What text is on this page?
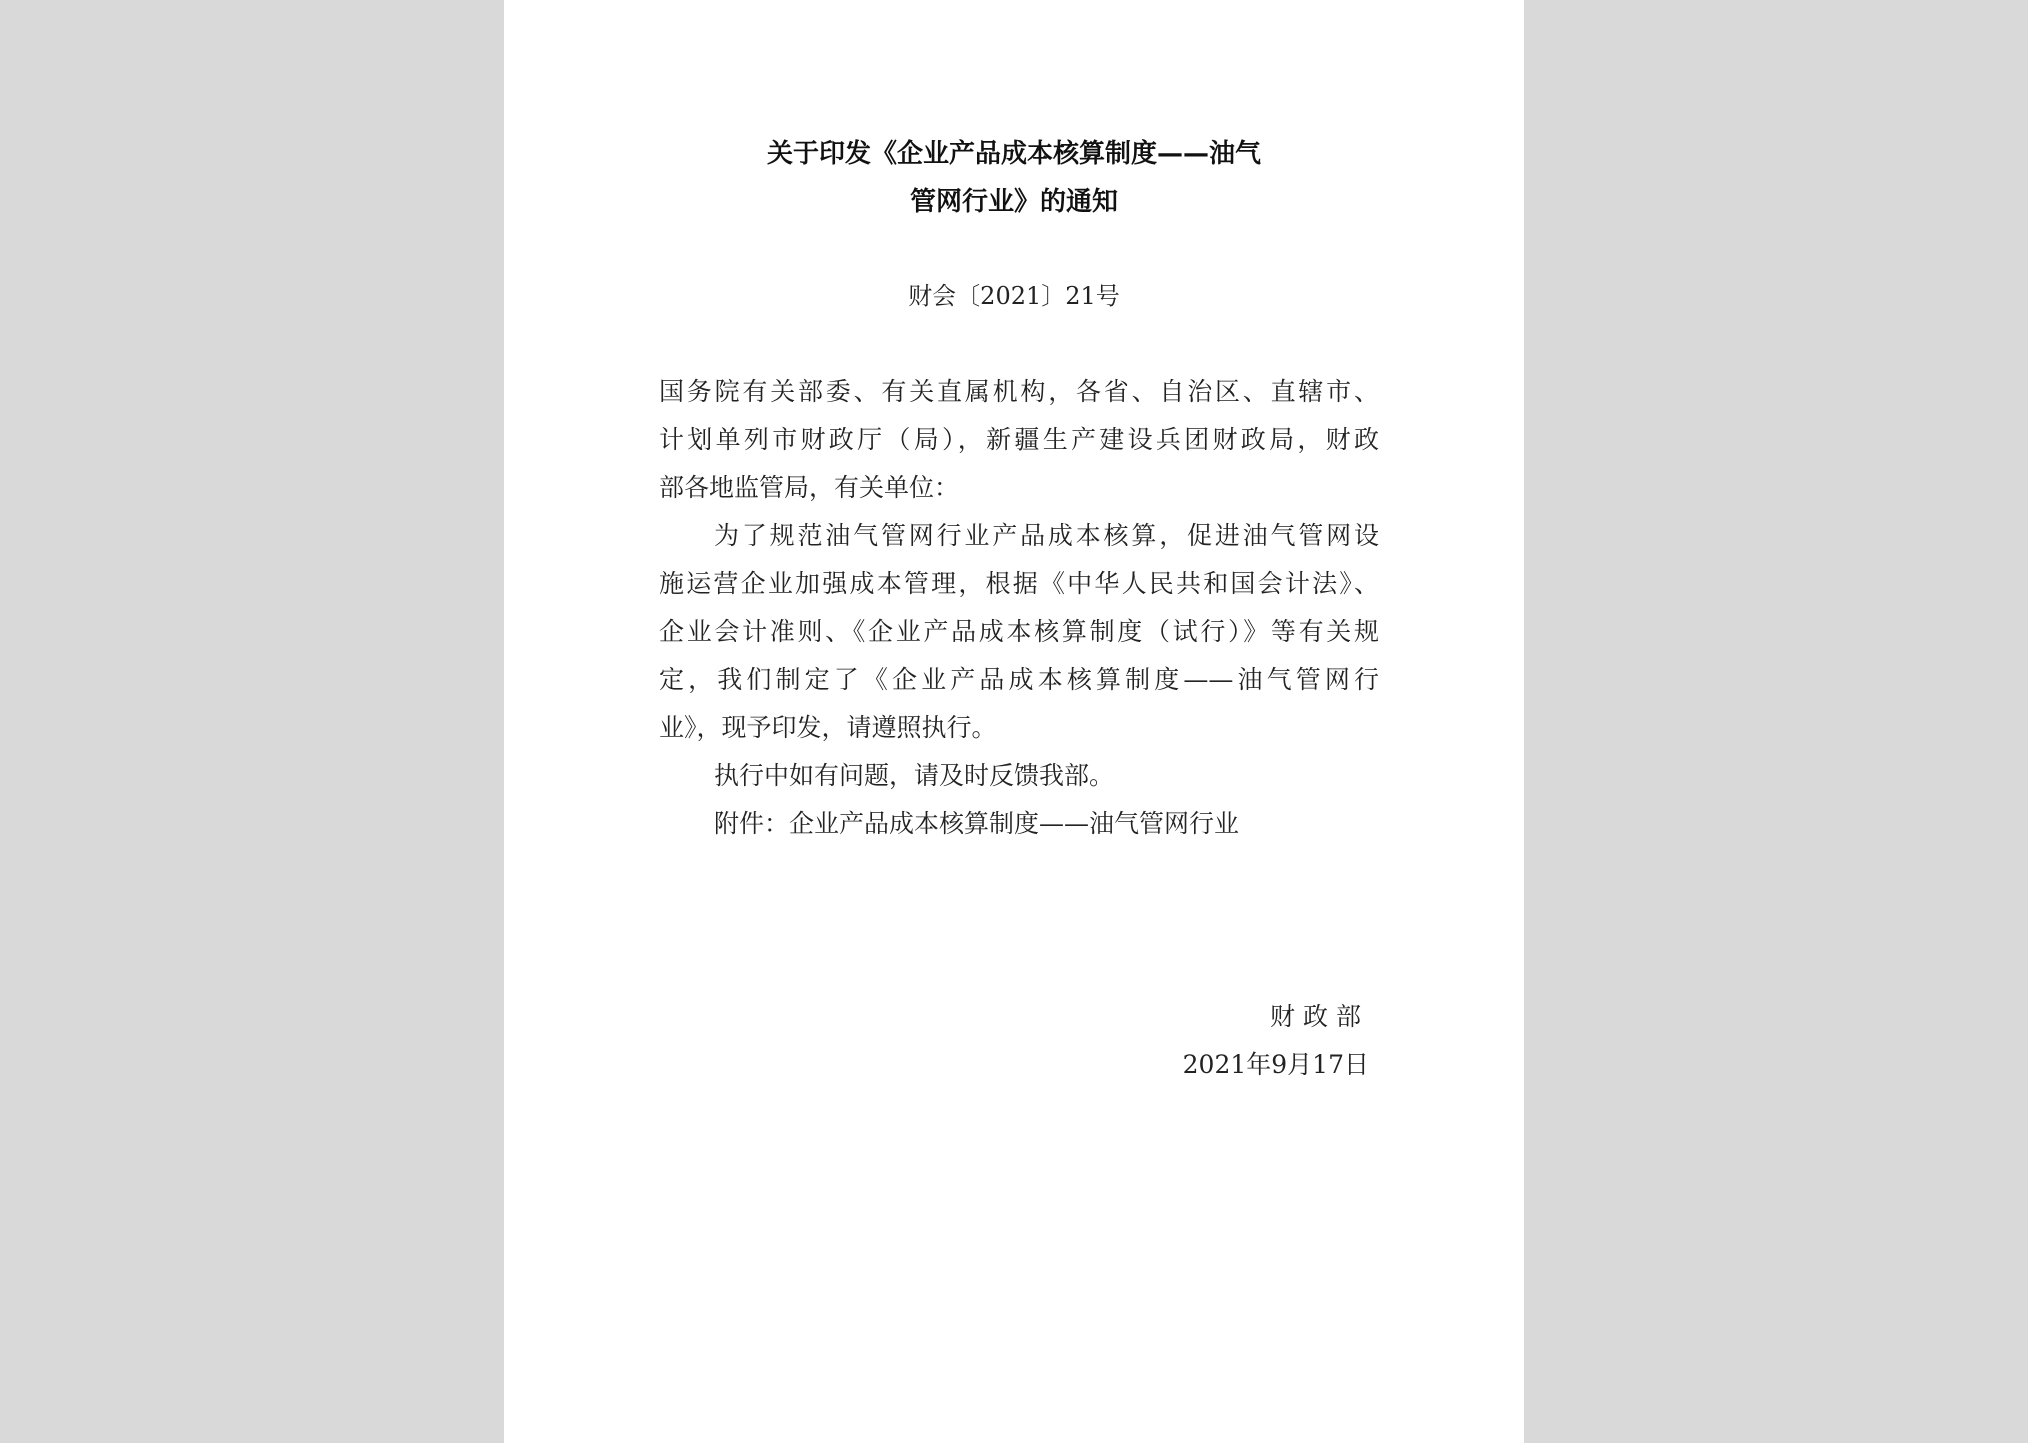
关于印发《企业产品成本核算制度——油气
管网行业》的通知
财会〔2021〕21号
国务院有关部委、有关直属机构，各省、自治区、直辖市、
计划单列市财政厅（局），新疆生产建设兵团财政局，财政
部各地监管局，有关单位：
为了规范油气管网行业产品成本核算，促进油气管网设
施运营企业加强成本管理，根据《中华人民共和国会计法》、
企业会计准则、《企业产品成本核算制度（试行）》等有关规
定，我们制定了《企业产品成本核算制度——油气管网行
业》，现予印发，请遵照执行。
执行中如有问题，请及时反馈我部。
附件：企业产品成本核算制度——油气管网行业
财政部
2021年9月17日
